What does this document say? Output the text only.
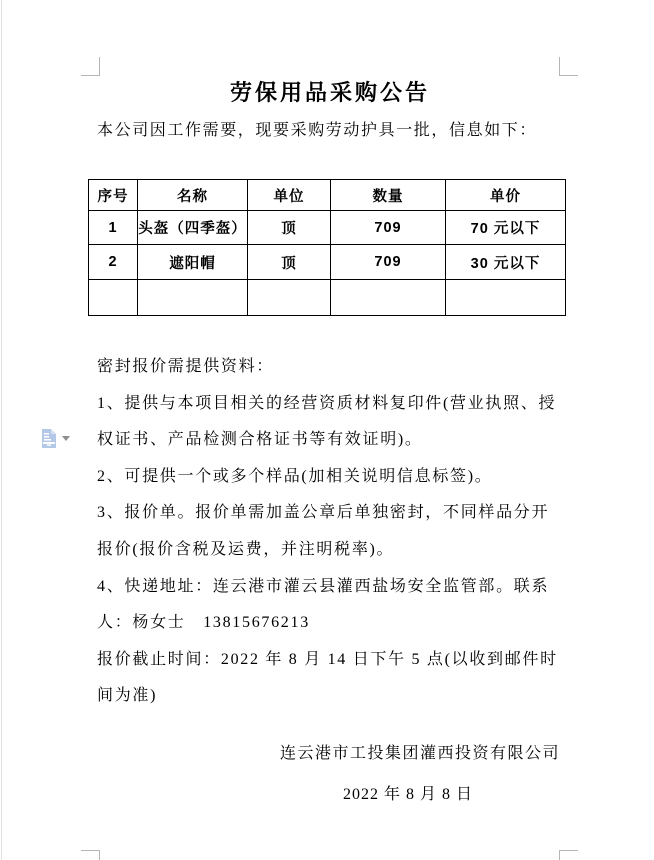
劳保用品采购公告
本公司因工作需要，现要采购劳动护具一批，信息如下：
序号	名称	单位	数量	单价
1	头盔（四季盔）	顶	709	70 元以下
2	遮阳帽	顶	709	30 元以下

密封报价需提供资料：
1、提供与本项目相关的经营资质材料复印件(营业执照、授
权证书、产品检测合格证书等有效证明)。
2、可提供一个或多个样品(加相关说明信息标签)。
3、报价单。报价单需加盖公章后单独密封，不同样品分开
报价(报价含税及运费，并注明税率)。
4、快递地址：连云港市灌云县灌西盐场安全监管部。联系
人：杨女士　13815676213
报价截止时间：2022 年 8 月 14 日下午 5 点(以收到邮件时
间为准)
连云港市工投集团灌西投资有限公司
2022 年 8 月 8 日
